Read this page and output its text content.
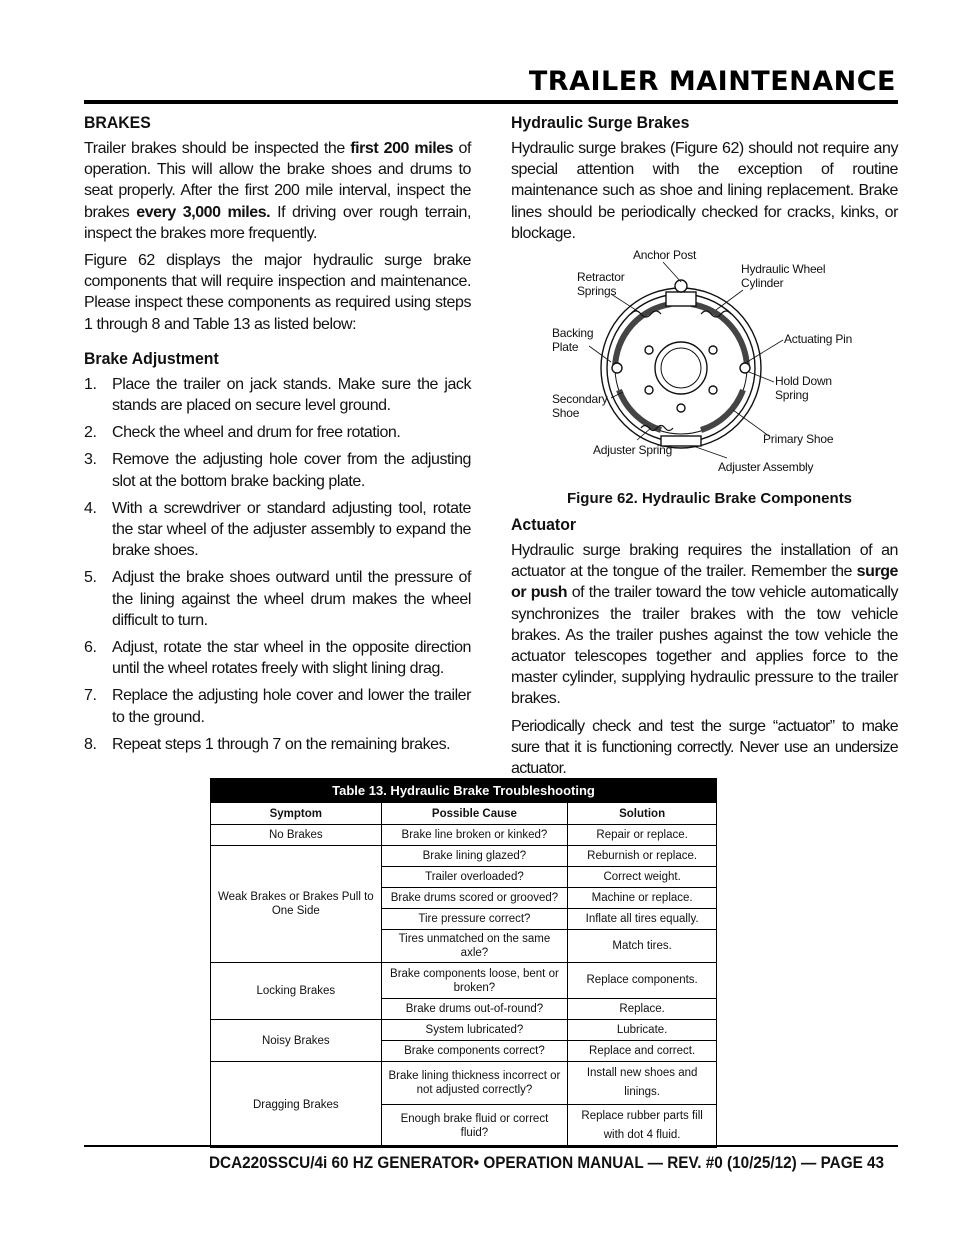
TRAILER MAINTENANCE
BRAKES

Trailer brakes should be inspected the first 200 miles of operation. This will allow the brake shoes and drums to seat properly. After the first 200 mile interval, inspect the brakes every 3,000 miles. If driving over rough terrain, inspect the brakes more frequently.

Figure 62 displays the major hydraulic surge brake components that will require inspection and maintenance. Please inspect these components as required using steps 1 through 8 and Table 13 as listed below:

Brake Adjustment
1. Place the trailer on jack stands. Make sure the jack stands are placed on secure level ground.
2. Check the wheel and drum for free rotation.
3. Remove the adjusting hole cover from the adjusting slot at the bottom brake backing plate.
4. With a screwdriver or standard adjusting tool, rotate the star wheel of the adjuster assembly to expand the brake shoes.
5. Adjust the brake shoes outward until the pressure of the lining against the wheel drum makes the wheel difficult to turn.
6. Adjust, rotate the star wheel in the opposite direction until the wheel rotates freely with slight lining drag.
7. Replace the adjusting hole cover and lower the trailer to the ground.
8. Repeat steps 1 through 7 on the remaining brakes.
Hydraulic Surge Brakes

Hydraulic surge brakes (Figure 62) should not require any special attention with the exception of routine maintenance such as shoe and lining replacement. Brake lines should be periodically checked for cracks, kinks, or blockage.

Anchor Post
Retractor
Springs
Hydraulic Wheel
Cylinder
Backing
Plate
Actuating Pin
Hold Down
Spring
Secondary
Shoe
Primary Shoe
Adjuster Spring
Adjuster Assembly
Figure 62. Hydraulic Brake Components
Actuator

Hydraulic surge braking requires the installation of an actuator at the tongue of the trailer. Remember the surge or push of the trailer toward the tow vehicle automatically synchronizes the trailer brakes with the tow vehicle brakes. As the trailer pushes against the tow vehicle the actuator telescopes together and applies force to the master cylinder, supplying hydraulic pressure to the trailer brakes.

Periodically check and test the surge “actuator” to make sure that it is functioning correctly. Never use an undersize actuator.

Table 13. Hydraulic Brake Troubleshooting		
Symptom	Possible Cause	Solution
No Brakes	Brake line broken or kinked?	Repair or replace.
Weak Brakes or Brakes Pull to One Side	Brake lining glazed?	Reburnish or replace.
	Trailer overloaded?	Correct weight.
	Brake drums scored or grooved?	Machine or replace.
	Tire pressure correct?	Inflate all tires equally.
	Tires unmatched on the same axle?	Match tires.
Locking Brakes	Brake components loose, bent or broken?	Replace components.
	Brake drums out-of-round?	Replace.
Noisy Brakes	System lubricated?	Lubricate.
	Brake components correct?	Replace and correct.
Dragging Brakes	Brake lining thickness incorrect or not adjusted correctly?	Install new shoes and linings.
	Enough brake fluid or correct fluid?	Replace rubber parts fill with dot 4 fluid.
DCA220SSCU/4i 60 HZ GENERATOR• OPERATION MANUAL — REV. #0 (10/25/12) — PAGE 43
